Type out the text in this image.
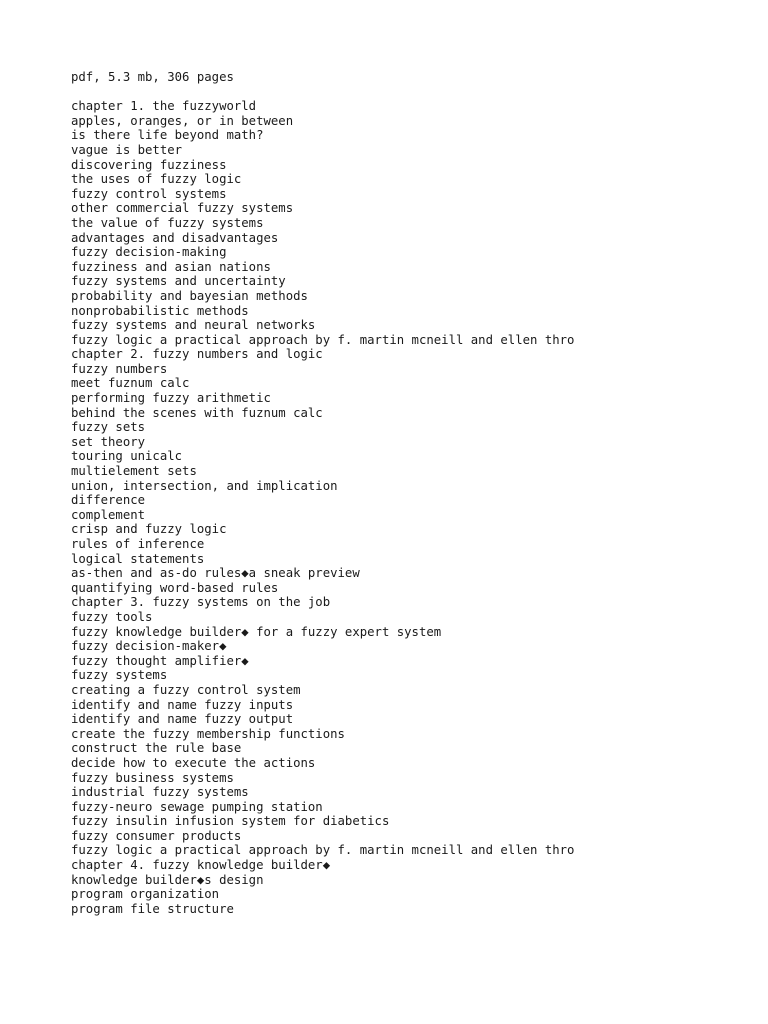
pdf, 5.3 mb, 306 pages
chapter 1. the fuzzyworld
apples, oranges, or in between
is there life beyond math?
vague is better
discovering fuzziness
the uses of fuzzy logic
fuzzy control systems
other commercial fuzzy systems
the value of fuzzy systems
advantages and disadvantages
fuzzy decision-making
fuzziness and asian nations
fuzzy systems and uncertainty
probability and bayesian methods
nonprobabilistic methods
fuzzy systems and neural networks
fuzzy logic a practical approach by f. martin mcneill and ellen thro
chapter 2. fuzzy numbers and logic
fuzzy numbers
meet fuznum calc
performing fuzzy arithmetic
behind the scenes with fuznum calc
fuzzy sets
set theory
touring unicalc
multielement sets
union, intersection, and implication
difference
complement
crisp and fuzzy logic
rules of inference
logical statements
as-then and as-do rules◆a sneak preview
quantifying word-based rules
chapter 3. fuzzy systems on the job
fuzzy tools
fuzzy knowledge builder◆ for a fuzzy expert system
fuzzy decision-maker◆
fuzzy thought amplifier◆
fuzzy systems
creating a fuzzy control system
identify and name fuzzy inputs
identify and name fuzzy output
create the fuzzy membership functions
construct the rule base
decide how to execute the actions
fuzzy business systems
industrial fuzzy systems
fuzzy-neuro sewage pumping station
fuzzy insulin infusion system for diabetics
fuzzy consumer products
fuzzy logic a practical approach by f. martin mcneill and ellen thro
chapter 4. fuzzy knowledge builder◆
knowledge builder◆s design
program organization
program file structure
